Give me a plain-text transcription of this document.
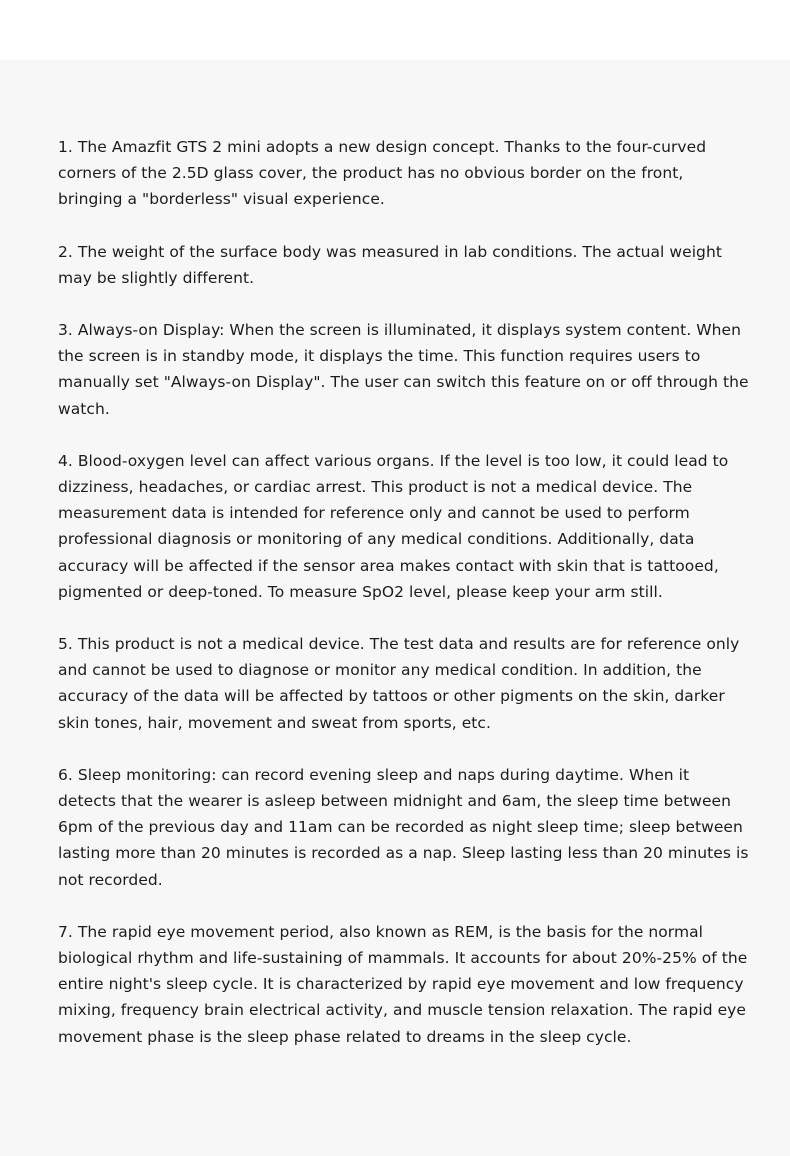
1. The Amazfit GTS 2 mini adopts a new design concept. Thanks to the four-curved corners of the 2.5D glass cover, the product has no obvious border on the front, bringing a "borderless" visual experience.

2. The weight of the surface body was measured in lab conditions. The actual weight may be slightly different.

3. Always-on Display: When the screen is illuminated, it displays system content. When the screen is in standby mode, it displays the time. This function requires users to manually set "Always-on Display". The user can switch this feature on or off through the watch.

4. Blood-oxygen level can affect various organs. If the level is too low, it could lead to dizziness, headaches, or cardiac arrest. This product is not a medical device. The measurement data is intended for reference only and cannot be used to perform professional diagnosis or monitoring of any medical conditions. Additionally, data accuracy will be affected if the sensor area makes contact with skin that is tattooed, pigmented or deep-toned. To measure SpO2 level, please keep your arm still.

5. This product is not a medical device. The test data and results are for reference only and cannot be used to diagnose or monitor any medical condition. In addition, the accuracy of the data will be affected by tattoos or other pigments on the skin, darker skin tones, hair, movement and sweat from sports, etc.

6. Sleep monitoring: can record evening sleep and naps during daytime. When it detects that the wearer is asleep between midnight and 6am, the sleep time between 6pm of the previous day and 11am can be recorded as night sleep time; sleep between lasting more than 20 minutes is recorded as a nap. Sleep lasting less than 20 minutes is not recorded.

7. The rapid eye movement period, also known as REM, is the basis for the normal biological rhythm and life-sustaining of mammals. It accounts for about 20%-25% of the entire night's sleep cycle. It is characterized by rapid eye movement and low frequency mixing, frequency brain electrical activity, and muscle tension relaxation. The rapid eye movement phase is the sleep phase related to dreams in the sleep cycle.
